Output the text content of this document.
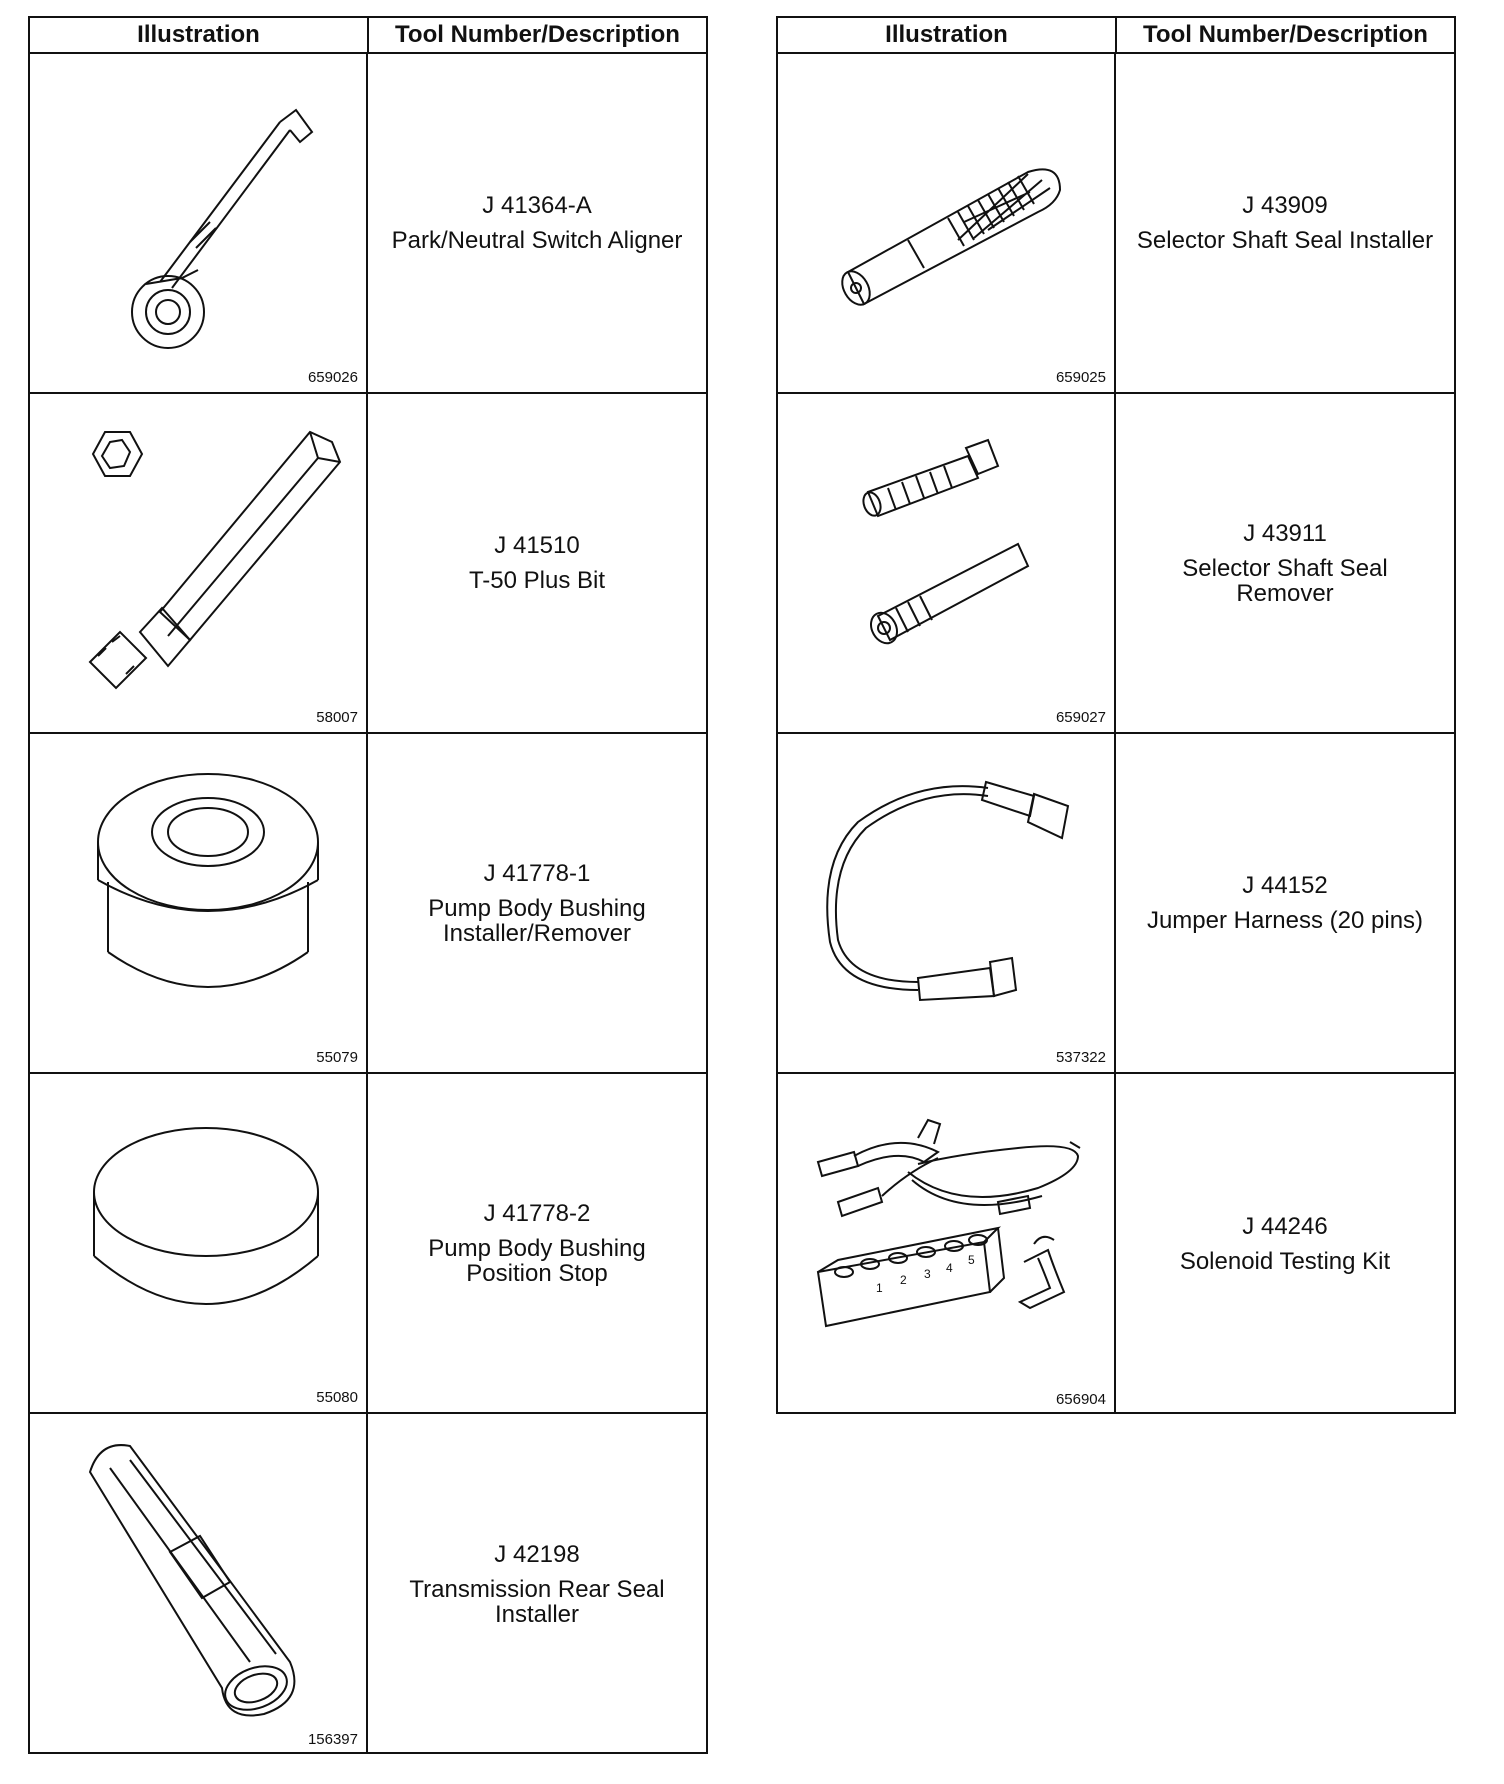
Illustration	Tool Number/Description
659026
J 41364-A
Park/Neutral Switch Aligner
58007
J 41510
T-50 Plus Bit
55079
J 41778-1
Pump Body Bushing
Installer/Remover
55080
J 41778-2
Pump Body Bushing
Position Stop
156397
J 42198
Transmission Rear Seal
Installer
Illustration	Tool Number/Description
659025
J 43909
Selector Shaft Seal Installer
659027
J 43911
Selector Shaft Seal
Remover
537322
J 44152
Jumper Harness (20 pins)
1
2 3 4
5
656904
J 44246
Solenoid Testing Kit
